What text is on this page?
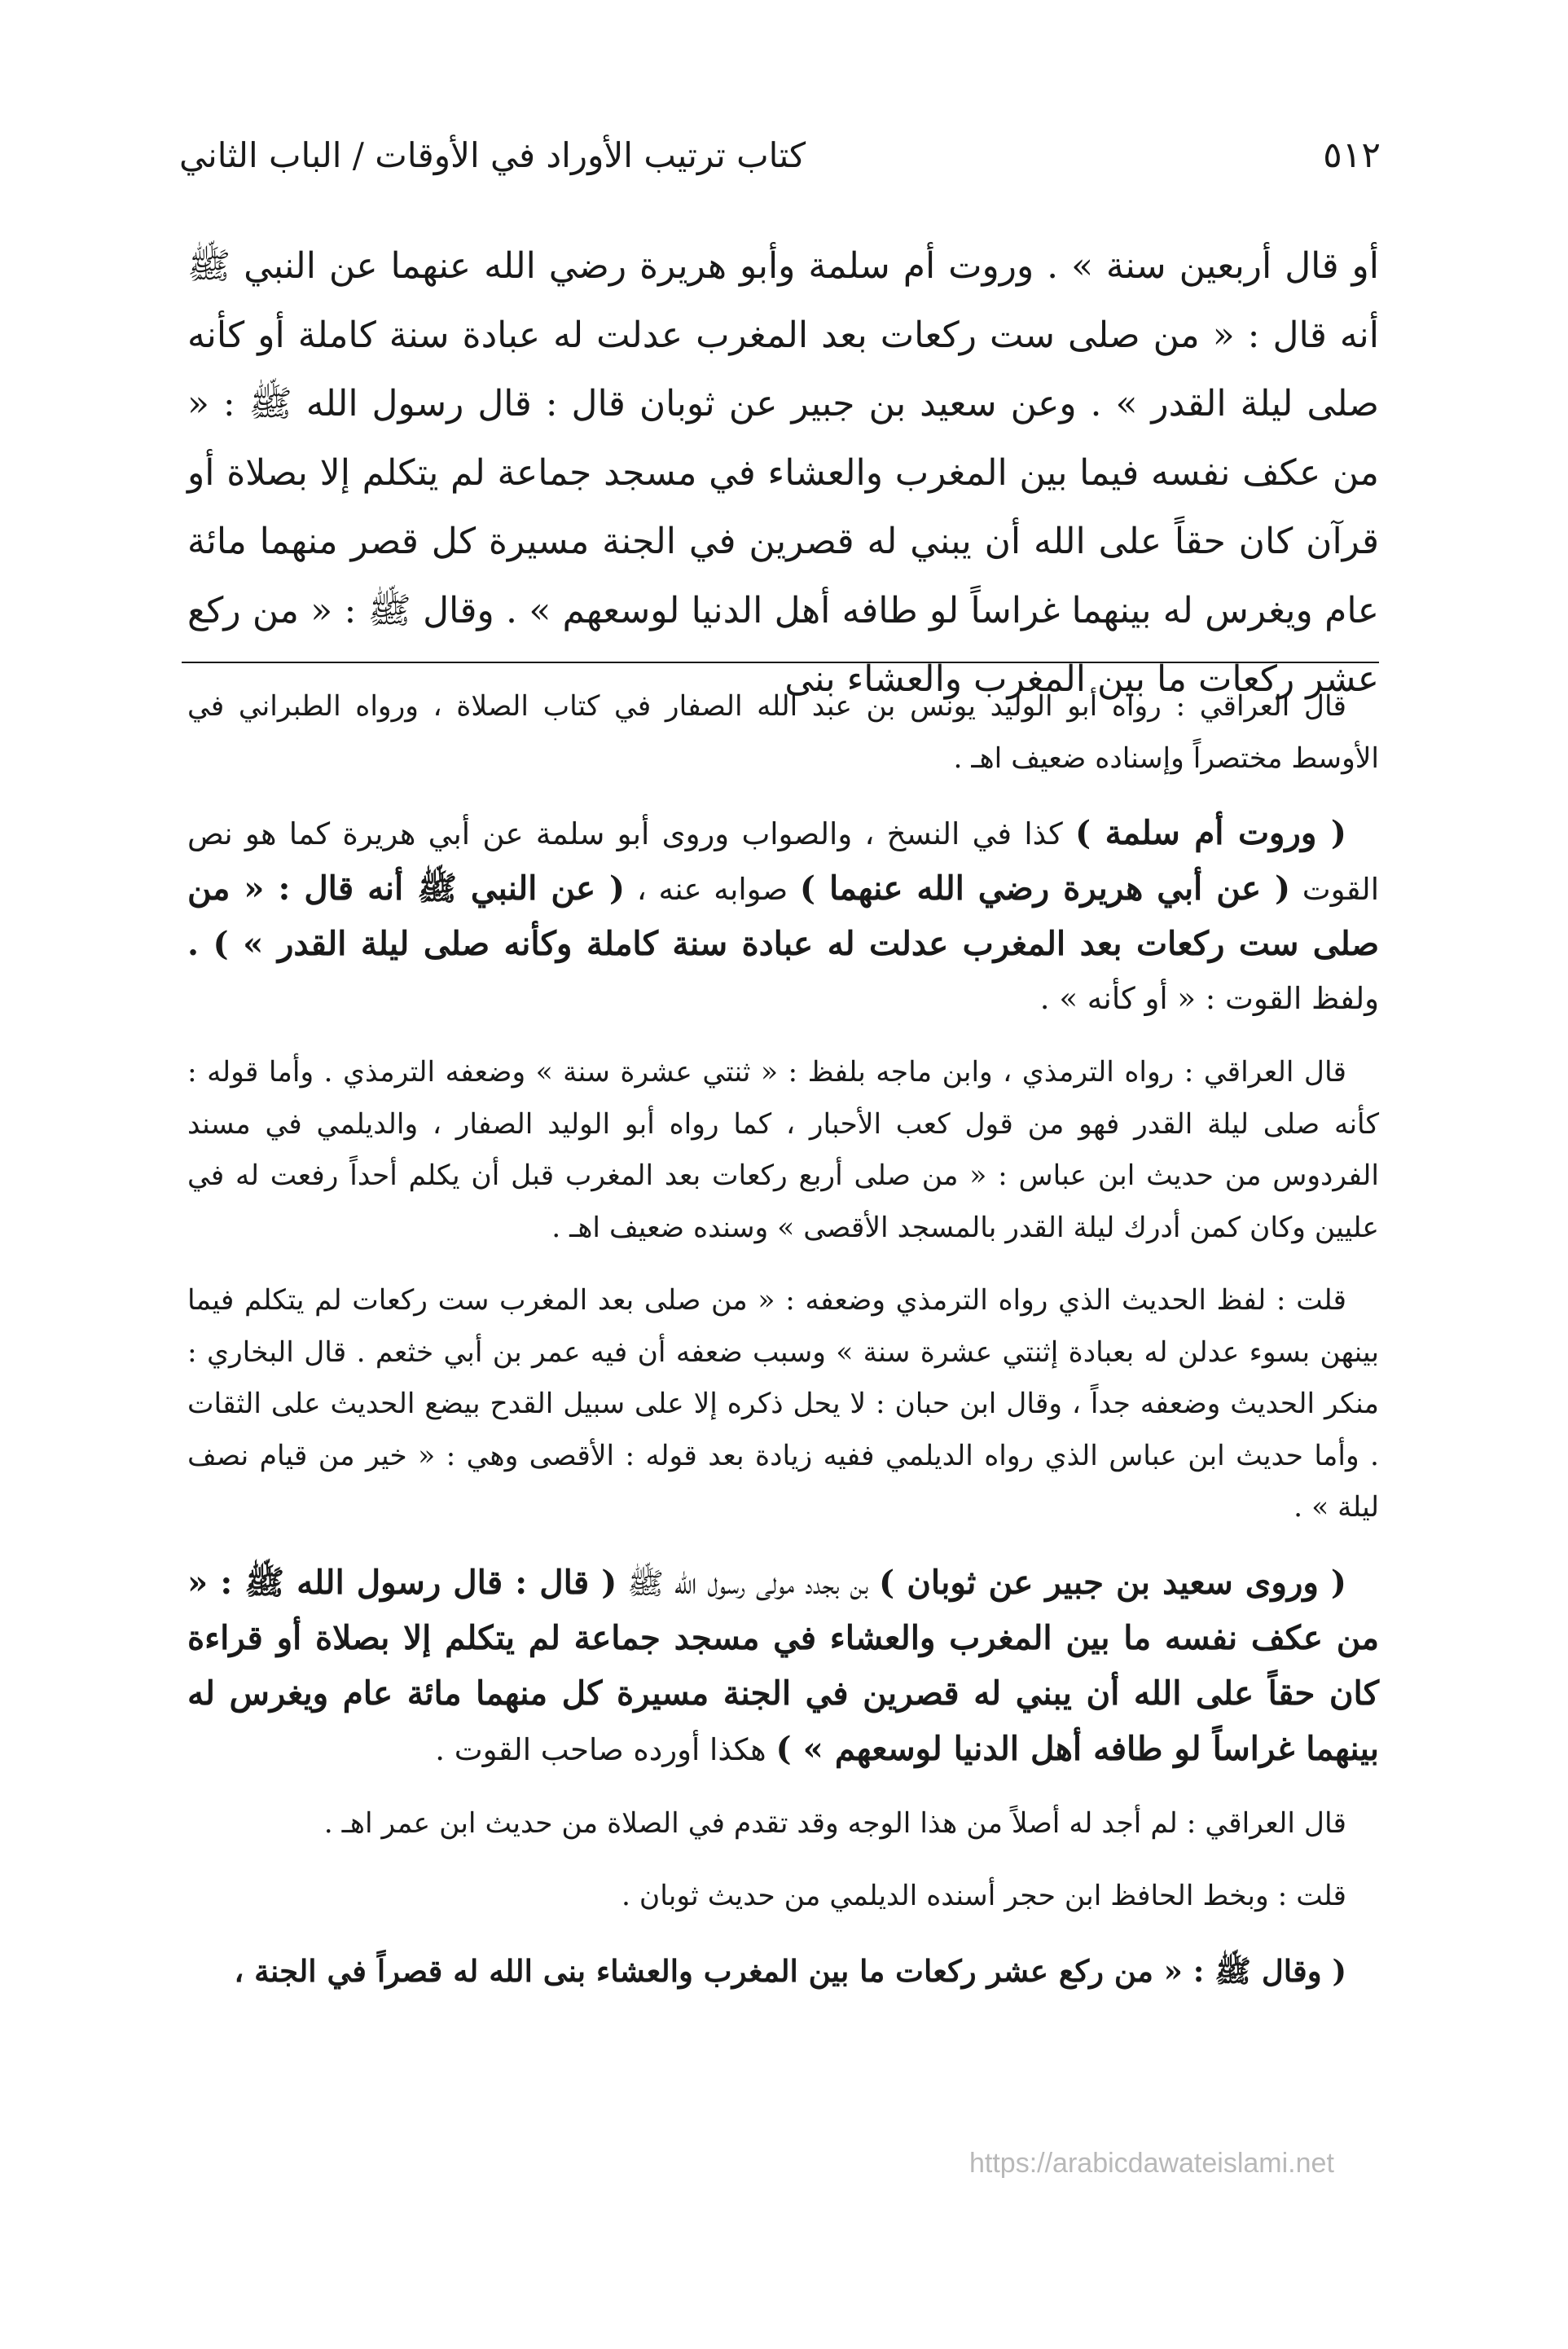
٥١٢
كتاب ترتيب الأوراد في الأوقات / الباب الثاني

أو قال أربعين سنة » . وروت أم سلمة وأبو هريرة رضي الله عنهما عن النبي ﷺ أنه قال : « من صلى ست ركعات بعد المغرب عدلت له عبادة سنة كاملة أو كأنه صلى ليلة القدر » . وعن سعيد بن جبير عن ثوبان قال : قال رسول الله ﷺ : « من عكف نفسه فيما بين المغرب والعشاء في مسجد جماعة لم يتكلم إلا بصلاة أو قرآن كان حقاً على الله أن يبني له قصرين في الجنة مسيرة كل قصر منهما مائة عام ويغرس له بينهما غراساً لو طافه أهل الدنيا لوسعهم » . وقال ﷺ : « من ركع عشر ركعات ما بين المغرب والعشاء بنى

قال العراقي : رواه أبو الوليد يونس بن عبد الله الصفار في كتاب الصلاة ، ورواه الطبراني في الأوسط مختصراً وإسناده ضعيف اهـ .

( وروت أم سلمة ) كذا في النسخ ، والصواب وروى أبو سلمة عن أبي هريرة كما هو نص القوت ( عن أبي هريرة رضي الله عنهما ) صوابه عنه ، ( عن النبي ﷺ أنه قال : « من صلى ست ركعات بعد المغرب عدلت له عبادة سنة كاملة وكأنه صلى ليلة القدر » ) . ولفظ القوت : « أو كأنه » .

قال العراقي : رواه الترمذي ، وابن ماجه بلفظ : « ثنتي عشرة سنة » وضعفه الترمذي . وأما قوله : كأنه صلى ليلة القدر فهو من قول كعب الأحبار ، كما رواه أبو الوليد الصفار ، والديلمي في مسند الفردوس من حديث ابن عباس : « من صلى أربع ركعات بعد المغرب قبل أن يكلم أحداً رفعت له في عليين وكان كمن أدرك ليلة القدر بالمسجد الأقصى » وسنده ضعيف اهـ .

قلت : لفظ الحديث الذي رواه الترمذي وضعفه : « من صلى بعد المغرب ست ركعات لم يتكلم فيما بينهن بسوء عدلن له بعبادة إثنتي عشرة سنة » وسبب ضعفه أن فيه عمر بن أبي خثعم . قال البخاري : منكر الحديث وضعفه جداً ، وقال ابن حبان : لا يحل ذكره إلا على سبيل القدح بيضع الحديث على الثقات . وأما حديث ابن عباس الذي رواه الديلمي ففيه زيادة بعد قوله : الأقصى وهي : « خير من قيام نصف ليلة » .

( وروى سعيد بن جبير عن ثوبان ) بن بجدد مولى رسول الله ﷺ ( قال : قال رسول الله ﷺ : « من عكف نفسه ما بين المغرب والعشاء في مسجد جماعة لم يتكلم إلا بصلاة أو قراءة كان حقاً على الله أن يبني له قصرين في الجنة مسيرة كل منهما مائة عام ويغرس له بينهما غراساً لو طافه أهل الدنيا لوسعهم » ) هكذا أورده صاحب القوت .

قال العراقي : لم أجد له أصلاً من هذا الوجه وقد تقدم في الصلاة من حديث ابن عمر اهـ .

قلت : وبخط الحافظ ابن حجر أسنده الديلمي من حديث ثوبان .

( وقال ﷺ : « من ركع عشر ركعات ما بين المغرب والعشاء بنى الله له قصراً في الجنة ،

https://arabicdawateislami.net
